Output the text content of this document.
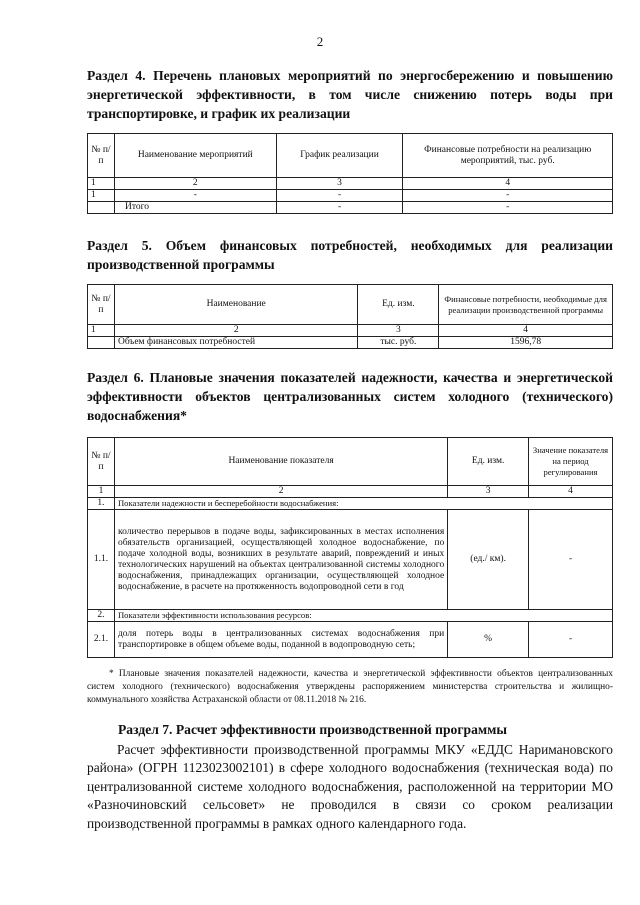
2
Раздел 4. Перечень плановых мероприятий по энергосбережению и повышению энергетической эффективности, в том числе снижению потерь воды при транспортировке, и график их реализации
№ п/п	Наименование мероприятий	График реализации	Финансовые потребности на реализацию мероприятий, тыс. руб.
1	2	3	4
1	-	-	-
	Итого	-	-
Раздел 5. Объем финансовых потребностей, необходимых для реализации производственной программы
№ п/п	Наименование	Ед. изм.	Финансовые потребности, необходимые для реализации производственной программы
1	2	3	4
	Объем финансовых потребностей	тыс. руб.	1596,78
Раздел 6. Плановые значения показателей надежности, качества и энергетической эффективности объектов централизованных систем холодного (технического) водоснабжения*
№ п/п	Наименование показателя	Ед. изм.	Значение показателя на период регулирования
1	2	3	4
1.	Показатели надежности и бесперебойности водоснабжения:		
1.1.	количество перерывов в подаче воды, зафиксированных в местах исполнения обязательств организацией, осуществляющей холодное водоснабжение, по подаче холодной воды, возникших в результате аварий, повреждений и иных технологических нарушений на объектах централизованной системы холодного водоснабжения, принадлежащих организации, осуществляющей холодное водоснабжение, в расчете на протяженность водопроводной сети в год	(ед./ км).	-
2.	Показатели эффективности использования ресурсов:		
2.1.	доля потерь воды в централизованных системах водоснабжения при транспортировке в общем объеме воды, поданной в водопроводную сеть;	%	-
* Плановые значения показателей надежности, качества и энергетической эффективности объектов централизованных систем холодного (технического) водоснабжения утверждены распоряжением министерства строительства и жилищно-коммунального хозяйства Астраханской области от 08.11.2018 № 216.
Раздел 7. Расчет эффективности производственной программы
Расчет эффективности производственной программы МКУ «ЕДДС Наримановского района» (ОГРН 1123023002101) в сфере холодного водоснабжения (техническая вода) по централизованной системе холодного водоснабжения, расположенной на территории МО «Разночиновский сельсовет» не проводился в связи со сроком реализации производственной программы в рамках одного календарного года.
